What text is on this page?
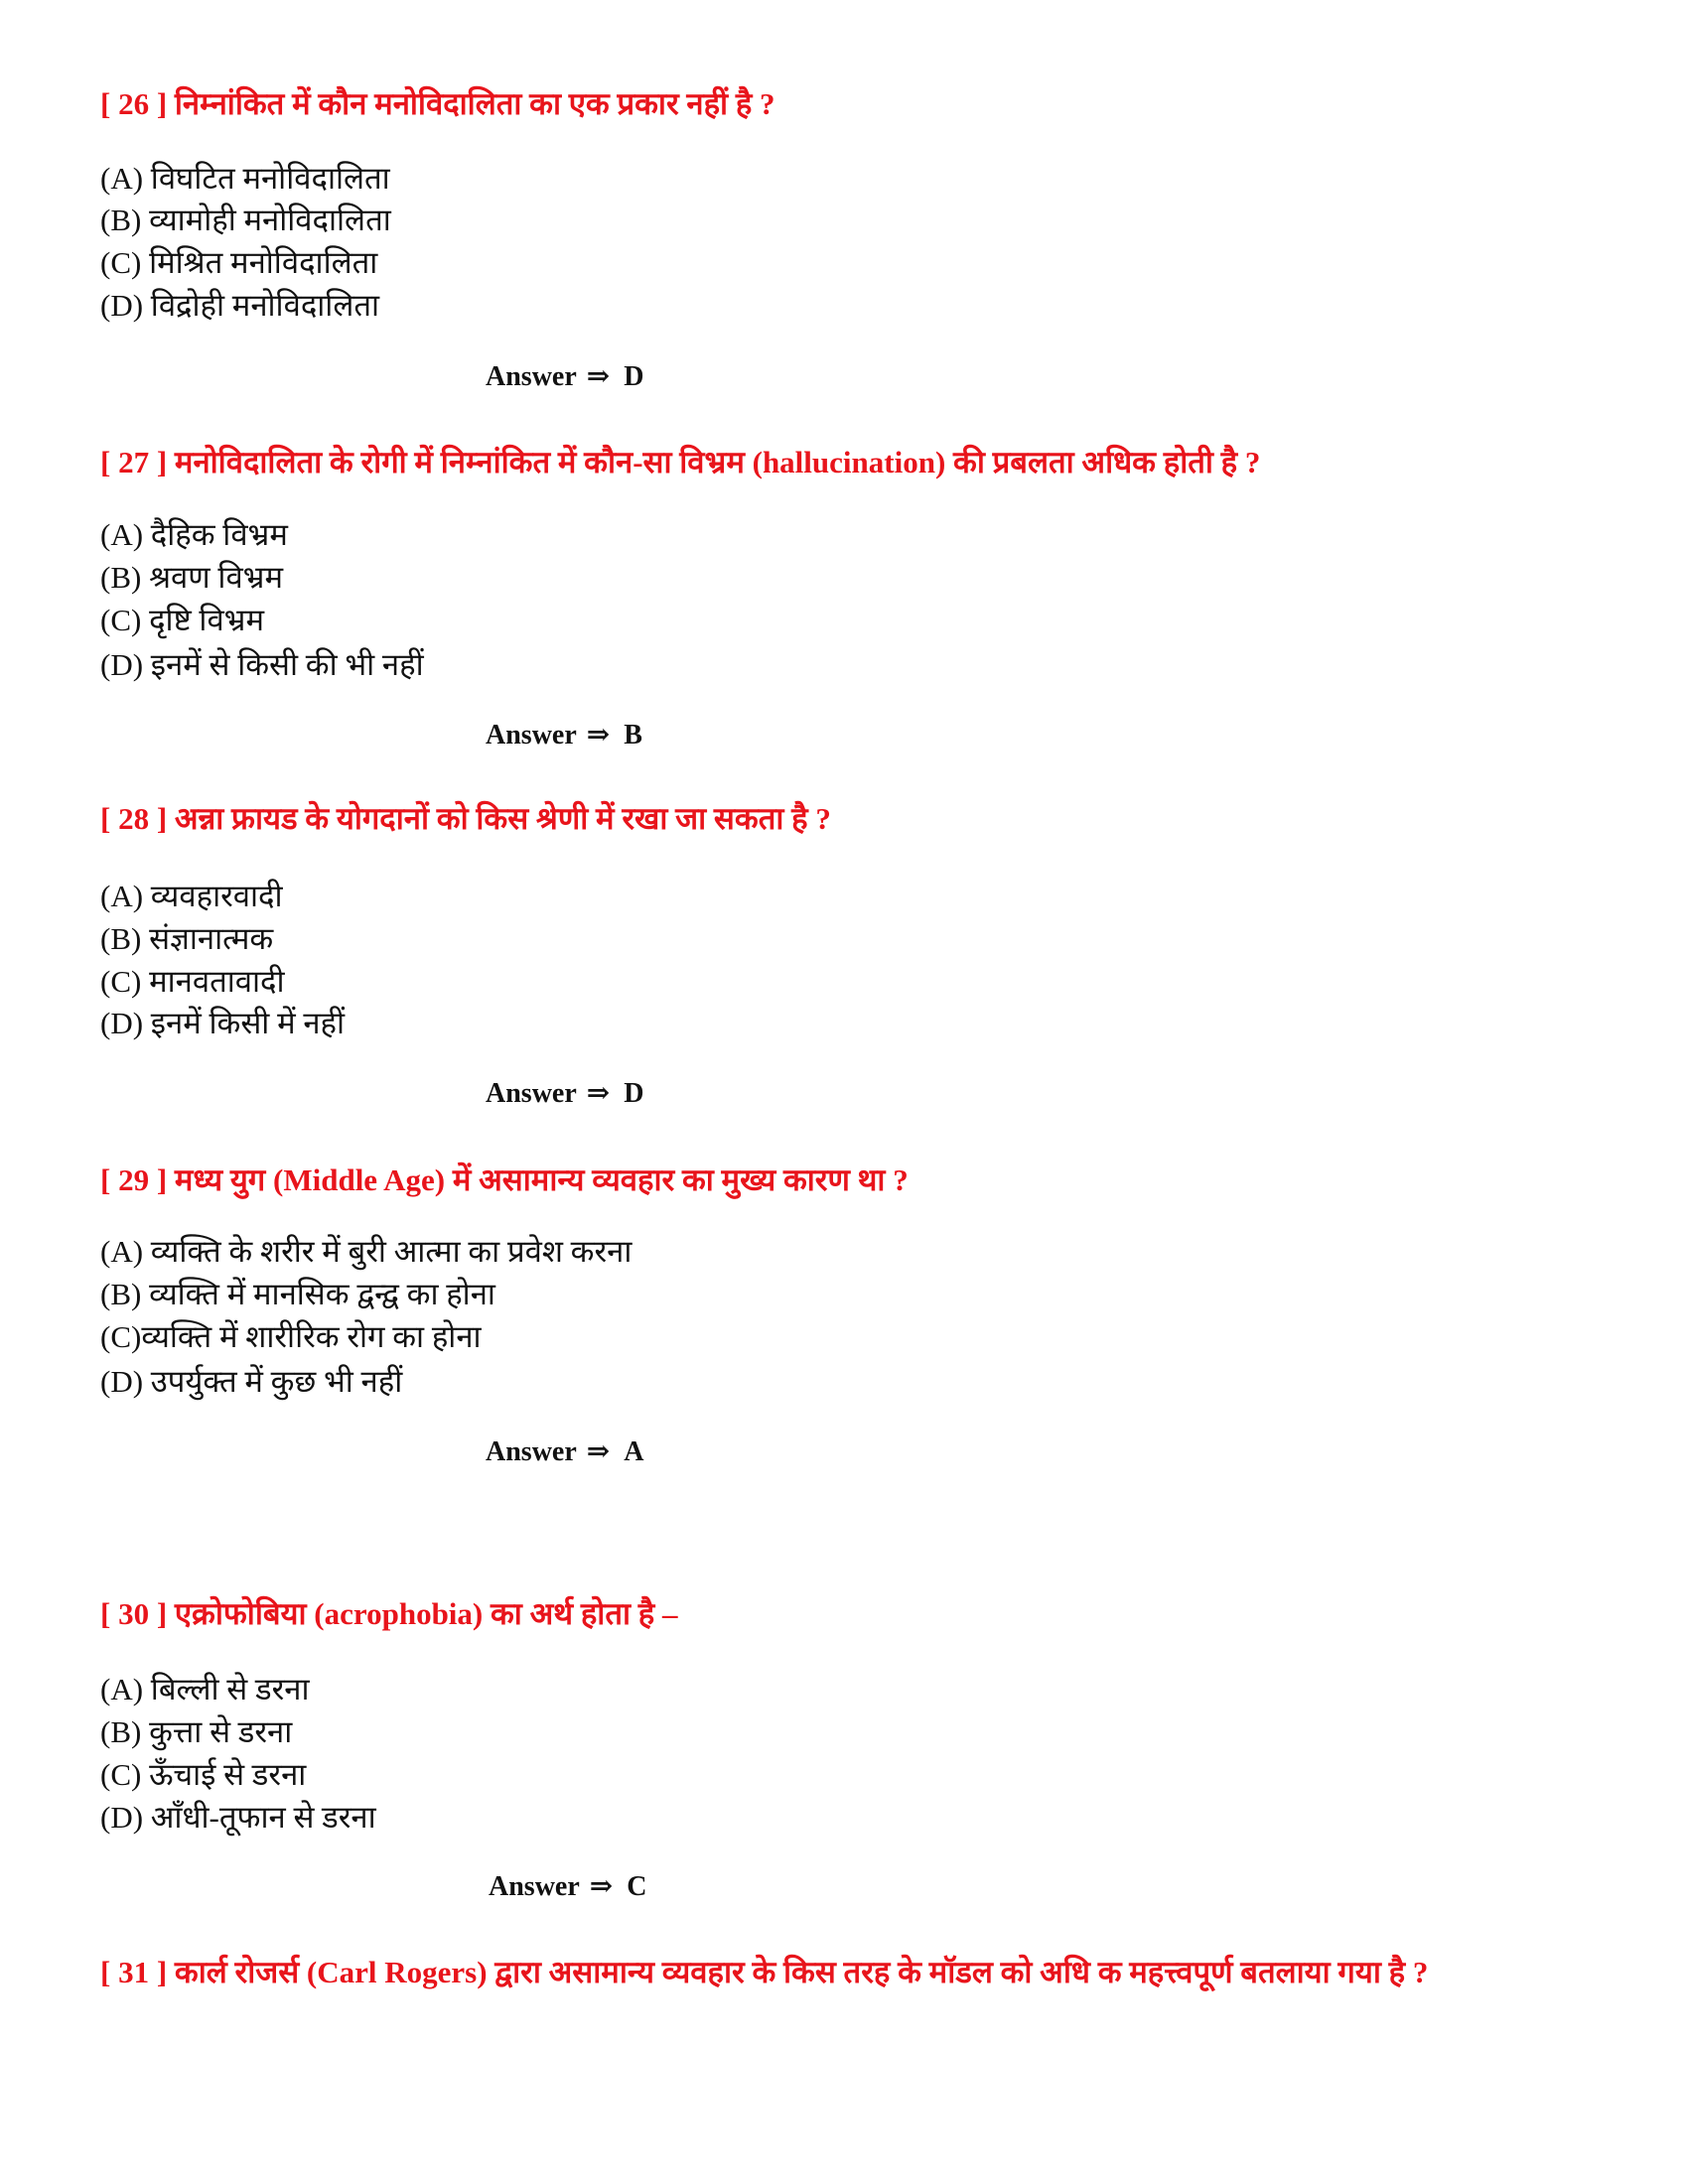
[ 26 ] निम्नांकित में कौन मनोविदालिता का एक प्रकार नहीं है ?
(A) विघटित मनोविदालिता
(B) व्यामोही मनोविदालिता
(C) मिश्रित मनोविदालिता
(D) विद्रोही मनोविदालिता
Answer ⇒ D
[ 27 ] मनोविदालिता के रोगी में निम्नांकित में कौन-सा विभ्रम (hallucination) की प्रबलता अधिक होती है ?
(A) दैहिक विभ्रम
(B) श्रवण विभ्रम
(C) दृष्टि विभ्रम
(D) इनमें से किसी की भी नहीं
Answer ⇒ B
[ 28 ] अन्ना फ्रायड के योगदानों को किस श्रेणी में रखा जा सकता है ?
(A) व्यवहारवादी
(B) संज्ञानात्मक
(C) मानवतावादी
(D) इनमें किसी में नहीं
Answer ⇒ D
[ 29 ] मध्य युग (Middle Age) में असामान्य व्यवहार का मुख्य कारण था ?
(A) व्यक्ति के शरीर में बुरी आत्मा का प्रवेश करना
(B) व्यक्ति में मानसिक द्वन्द्व का होना
(C)व्यक्ति में शारीरिक रोग का होना
(D) उपर्युक्त में कुछ भी नहीं
Answer ⇒ A
[ 30 ] एक्रोफोबिया (acrophobia) का अर्थ होता है –
(A) बिल्ली से डरना
(B) कुत्ता से डरना
(C) ऊँचाई से डरना
(D) आँधी-तूफान से डरना
Answer ⇒ C
[ 31 ] कार्ल रोजर्स (Carl Rogers) द्वारा असामान्य व्यवहार के किस तरह के मॉडल को अधि क महत्त्वपूर्ण बतलाया गया है ?
